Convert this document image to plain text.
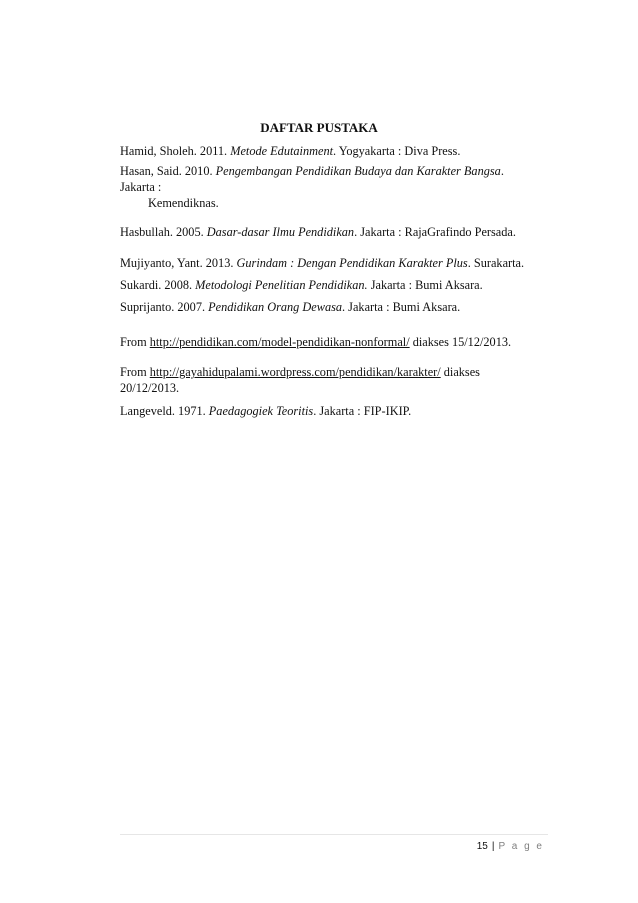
DAFTAR PUSTAKA
Hamid, Sholeh. 2011. Metode Edutainment. Yogyakarta : Diva Press.
Hasan, Said. 2010. Pengembangan Pendidikan Budaya dan Karakter Bangsa.
Jakarta :
Kemendiknas.
Hasbullah. 2005. Dasar-dasar Ilmu Pendidikan. Jakarta : RajaGrafindo Persada.
Mujiyanto, Yant. 2013. Gurindam : Dengan Pendidikan Karakter Plus. Surakarta.
Sukardi. 2008. Metodologi Penelitian Pendidikan. Jakarta : Bumi Aksara.
Suprijanto. 2007. Pendidikan Orang Dewasa. Jakarta : Bumi Aksara.
From http://pendidikan.com/model-pendidikan-nonformal/ diakses 15/12/2013.
From http://gayahidupalami.wordpress.com/pendidikan/karakter/ diakses
20/12/2013.
Langeveld. 1971. Paedagogiek Teoritis. Jakarta : FIP-IKIP.
15 | P a g e
